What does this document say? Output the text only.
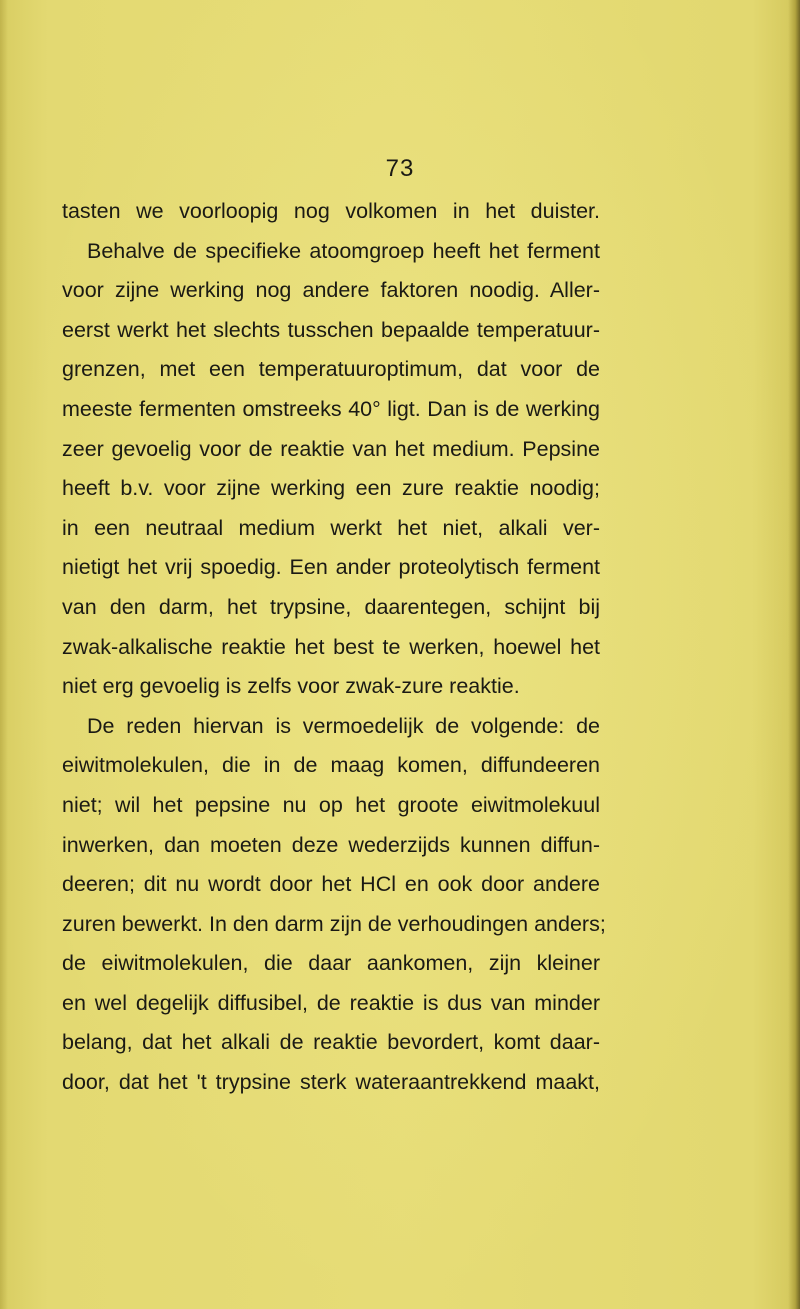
73
tasten we voorloopig nog volkomen in het duister.
Behalve de specifieke atoomgroep heeft het ferment
voor zijne werking nog andere faktoren noodig. Aller-
eerst werkt het slechts tusschen bepaalde temperatuur-
grenzen, met een temperatuuroptimum, dat voor de
meeste fermenten omstreeks 40° ligt. Dan is de werking
zeer gevoelig voor de reaktie van het medium. Pepsine
heeft b.v. voor zijne werking een zure reaktie noodig;
in een neutraal medium werkt het niet, alkali ver-
nietigt het vrij spoedig. Een ander proteolytisch ferment
van den darm, het trypsine, daarentegen, schijnt bij
zwak-alkalische reaktie het best te werken, hoewel het
niet erg gevoelig is zelfs voor zwak-zure reaktie.
De reden hiervan is vermoedelijk de volgende: de
eiwitmolekulen, die in de maag komen, diffundeeren
niet; wil het pepsine nu op het groote eiwitmolekuul
inwerken, dan moeten deze wederzijds kunnen diffun-
deeren; dit nu wordt door het HCl en ook door andere
zuren bewerkt. In den darm zijn de verhoudingen anders;
de eiwitmolekulen, die daar aankomen, zijn kleiner
en wel degelijk diffusibel, de reaktie is dus van minder
belang, dat het alkali de reaktie bevordert, komt daar-
door, dat het 't trypsine sterk wateraantrekkend maakt,
